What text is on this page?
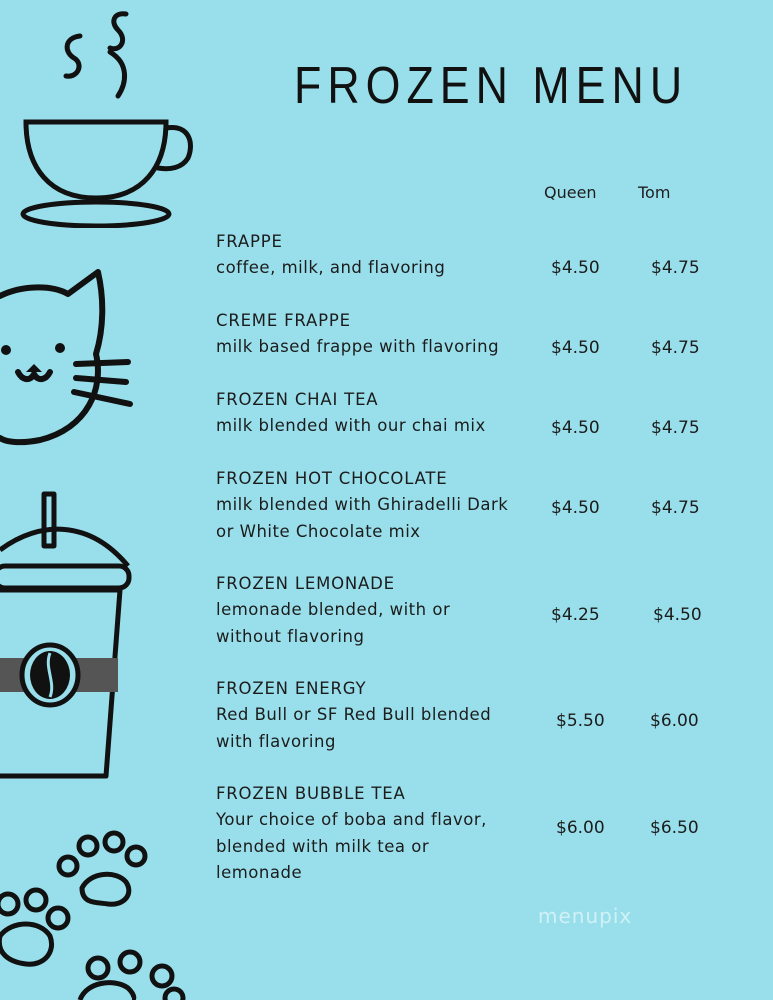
FROZEN MENU
Queen	Tom
FRAPPE
coffee, milk, and flavoring	$4.50	$4.75
CREME FRAPPE
milk based frappe with flavoring	$4.50	$4.75
FROZEN CHAI TEA
milk blended with our chai mix	$4.50	$4.75
FROZEN HOT CHOCOLATE
milk blended with Ghiradelli Dark or White Chocolate mix
$4.50	$4.75
FROZEN LEMONADE
lemonade blended, with or without flavoring
$4.25	$4.50
FROZEN ENERGY
Red Bull or SF Red Bull blended with flavoring
$5.50	$6.00
FROZEN BUBBLE TEA
Your choice of boba and flavor, blended with milk tea or lemonade
$6.00	$6.50
menupix
